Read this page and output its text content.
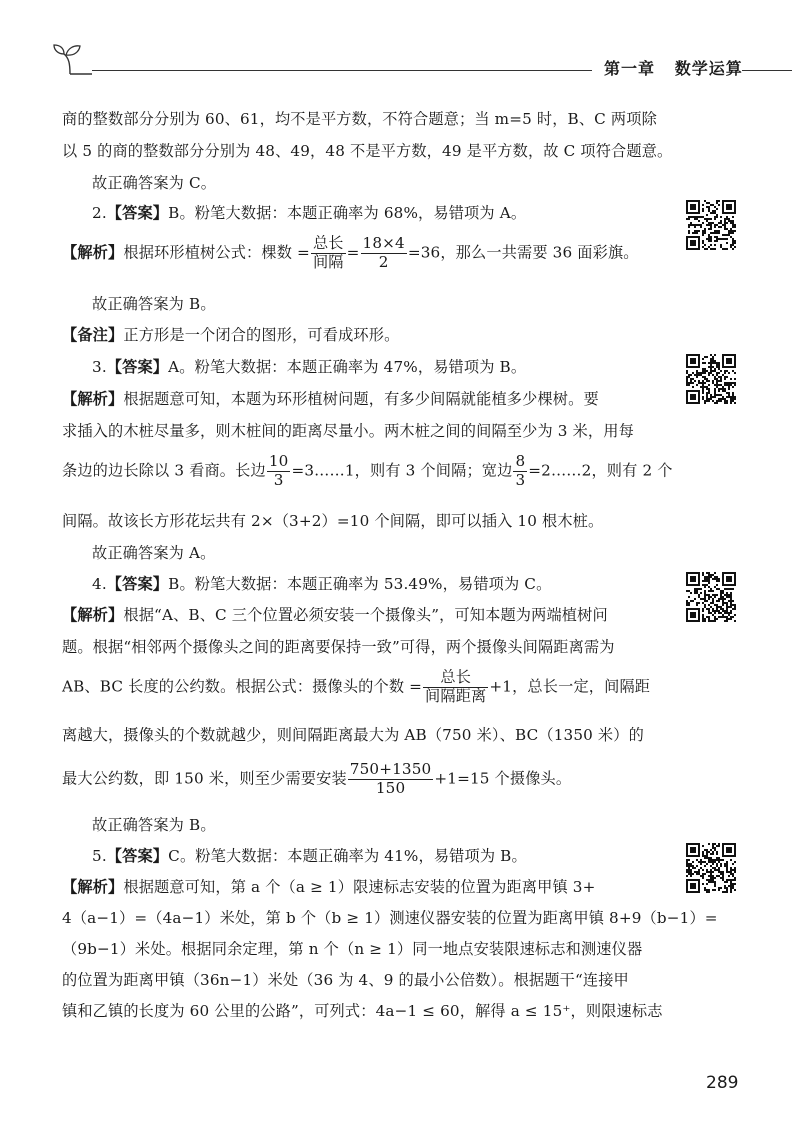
第一章 数学运算
商的整数部分分别为 60、61，均不是平方数，不符合题意；当 m=5 时，B、C 两项除
以 5 的商的整数部分分别为 48、49，48 不是平方数，49 是平方数，故 C 项符合题意。
故正确答案为 C。
2.【答案】B。粉笔大数据：本题正确率为 68%，易错项为 A。
【解析】根据环形植树公式：棵数 = $\frac{\text{总长}}{\text{间隔}} = \frac{18\times 4}{2} =36$，那么一共需要 36 面彩旗。
故正确答案为 B。
【备注】正方形是一个闭合的图形，可看成环形。
3.【答案】A。粉笔大数据：本题正确率为 47%，易错项为 B。
【解析】根据题意可知，本题为环形植树问题，有多少间隔就能植多少棵树。要
求插入的木桩尽量多，则木桩间的距离尽量小。两木桩之间的间隔至少为 3 米，用每
条边的边长除以 3 看商。长边 $\frac{10}{3}$ =3……1，则有 3 个间隔；宽边 $\frac{8}{3}$ =2……2，则有 2 个
间隔。故该长方形花坛共有 2×（3+2）=10 个间隔，即可以插入 10 根木桩。
故正确答案为 A。
4.【答案】B。粉笔大数据：本题正确率为 53.49%，易错项为 C。
【解析】根据“A、B、C 三个位置必须安装一个摄像头”，可知本题为两端植树问
题。根据“相邻两个摄像头之间的距离要保持一致”可得，两个摄像头间隔距离需为
AB、BC 长度的公约数。根据公式：摄像头的个数 = $\frac{\text{总长}}{\text{间隔距离}} +1$，总长一定，间隔距
离越大，摄像头的个数就越少，则间隔距离最大为 AB（750 米）、BC（1350 米）的
最大公约数，即 150 米，则至少需要安装 $\frac{750+1350}{150} +1=15$ 个摄像头。
故正确答案为 B。
5.【答案】C。粉笔大数据：本题正确率为 41%，易错项为 B。
【解析】根据题意可知，第 a 个（a ≥ 1）限速标志安装的位置为距离甲镇 3+
4（a−1）=（4a−1）米处，第 b 个（b ≥ 1）测速仪器安装的位置为距离甲镇 8+9（b−1）=
（9b−1）米处。根据同余定理，第 n 个（n ≥ 1）同一地点安装限速标志和测速仪器
的位置为距离甲镇（36n−1）米处（36 为 4、9 的最小公倍数）。根据题干“连接甲
镇和乙镇的长度为 60 公里的公路”，可列式：4a−1 ≤ 60，解得 a ≤ 15⁺，则限速标志
289
